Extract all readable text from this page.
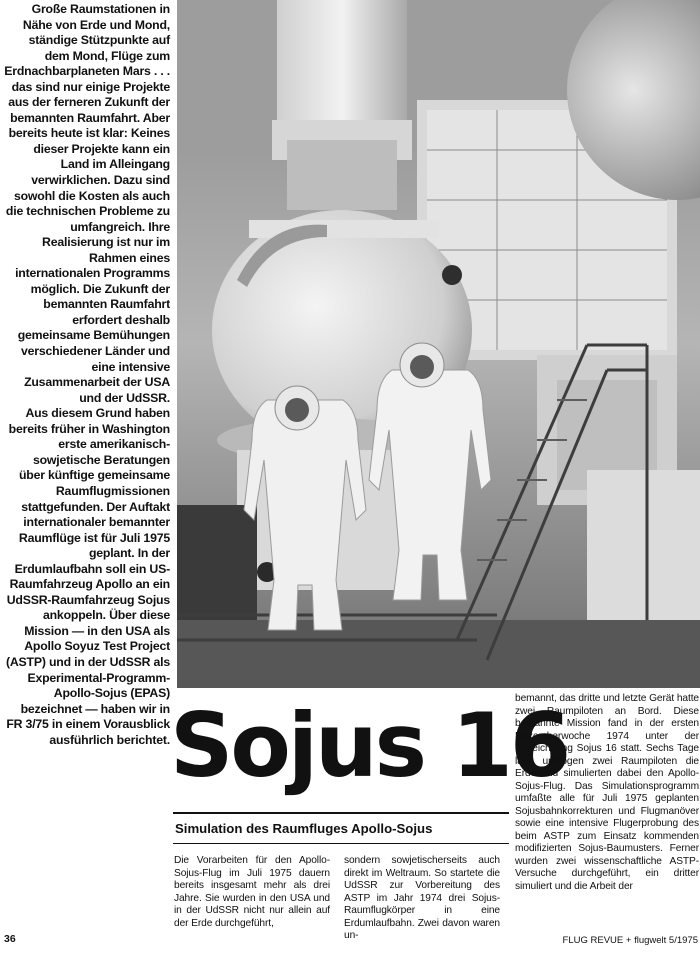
Große Raumstationen in Nähe von Erde und Mond, ständige Stützpunkte auf dem Mond, Flüge zum Erdnachbarplaneten Mars . . . das sind nur einige Projekte aus der ferneren Zukunft der bemannten Raumfahrt. Aber bereits heute ist klar: Keines dieser Projekte kann ein Land im Alleingang verwirklichen. Dazu sind sowohl die Kosten als auch die technischen Probleme zu umfangreich. Ihre Realisierung ist nur im Rahmen eines internationalen Programms möglich. Die Zukunft der bemannten Raumfahrt erfordert deshalb gemeinsame Bemühungen verschiedener Länder und eine intensive Zusammenarbeit der USA und der UdSSR.

Aus diesem Grund haben bereits früher in Washington erste amerikanisch-sowjetische Beratungen über künftige gemeinsame Raumflugmissionen stattgefunden. Der Auftakt internationaler bemannter Raumflüge ist für Juli 1975 geplant. In der Erdumlaufbahn soll ein US-Raumfahrzeug Apollo an ein UdSSR-Raumfahrzeug Sojus ankoppeln. Über diese Mission — in den USA als Apollo Soyuz Test Project (ASTP) und in der UdSSR als Experimental-Programm-Apollo-Sojus (EPAS) bezeichnet — haben wir in FR 3/75 in einem Vorausblick ausführlich berichtet. Sojus 16
Simulation des Raumfluges Apollo-Sojus

Die Vorarbeiten für den Apollo-Sojus-Flug im Juli 1975 dauern bereits insgesamt mehr als drei Jahre. Sie wurden in den USA und in der UdSSR nicht nur allein auf der Erde durchgeführt,

sondern sowjetischerseits auch direkt im Weltraum. So startete die UdSSR zur Vorbereitung des ASTP im Jahr 1974 drei Sojus-Raumflugkörper in eine Erdumlaufbahn. Zwei davon waren un-

bemannt, das dritte und letzte Gerät hatte zwei Raumpiloten an Bord. Diese bemannte Mission fand in der ersten Dezemberwoche 1974 unter der Bezeichnung Sojus 16 statt. Sechs Tage lang umflogen zwei Raumpiloten die Erde und simulierten dabei den Apollo-Sojus-Flug. Das Simulationsprogramm umfaßte alle für Juli 1975 geplanten Sojusbahnkorrekturen und Flugmanöver sowie eine intensive Flugerprobung des beim ASTP zum Einsatz kommenden modifizierten Sojus-Baumusters. Ferner wurden zwei wissenschaftliche ASTP-Versuche durchgeführt, ein dritter simuliert und die Arbeit der

36	FLUG REVUE + flugwelt 5/1975
